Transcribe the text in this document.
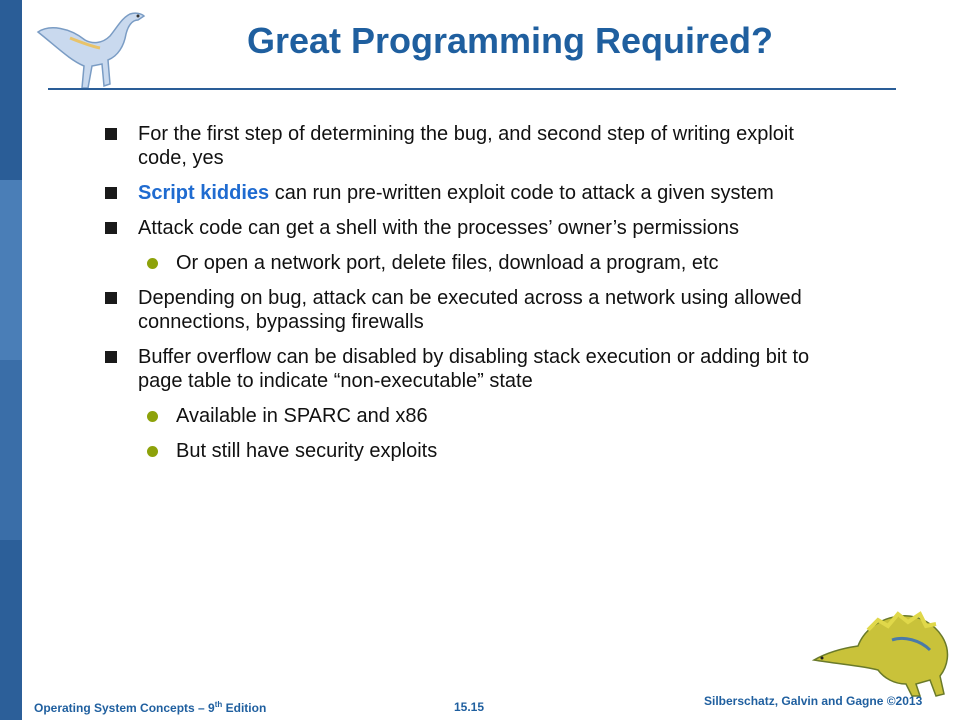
Great Programming Required?
For the first step of determining the bug, and second step of writing exploit code, yes
Script kiddies can run pre-written exploit code to attack a given system
Attack code can get a shell with the processes’ owner’s permissions
Or open a network port, delete files, download a program, etc
Depending on bug, attack can be executed across a network using allowed connections, bypassing firewalls
Buffer overflow can be disabled by disabling stack execution or adding bit to page table to indicate “non-executable” state
Available in SPARC and x86
But still have security exploits
Operating System Concepts – 9th Edition	15.15	Silberschatz, Galvin and Gagne ©2013
